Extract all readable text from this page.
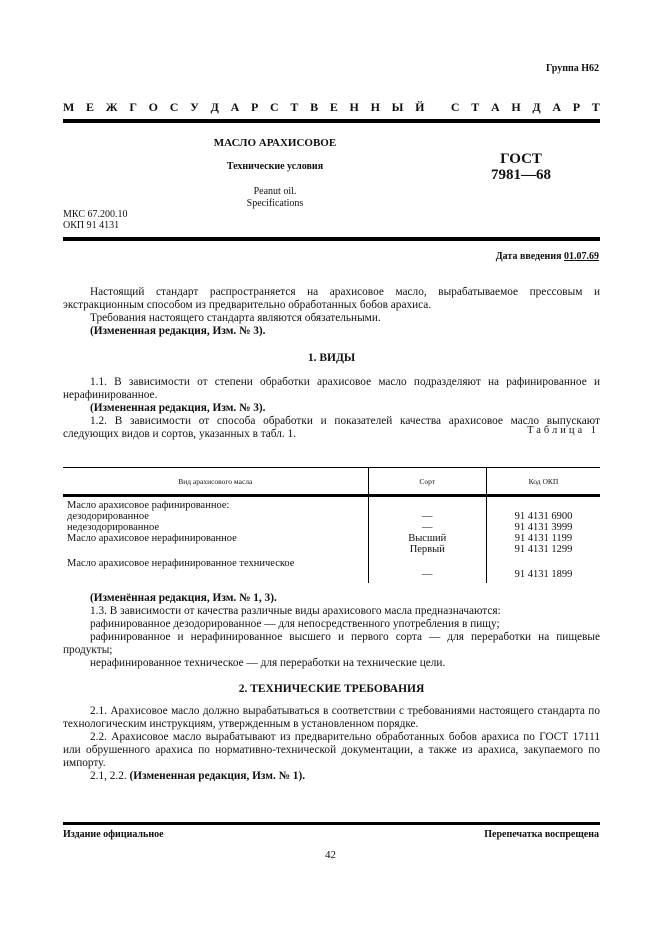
Группа Н62
М Е Ж Г О С У Д А Р С Т В Е Н Н Ы Й
С Т А Н Д А Р Т
МАСЛО АРАХИСОВОЕ
Технические условия
Peanut oil.
Specifications
ГОСТ
7981—68
МКС 67.200.10
ОКП 91 4131
Дата введения 01.07.69

Настоящий стандарт распространяется на арахисовое масло, вырабатываемое прессовым и экстракционным способом из предварительно обработанных бобов арахиса.

Требования настоящего стандарта являются обязательными.

(Измененная редакция, Изм. № 3).

1. ВИДЫ

1.1. В зависимости от степени обработки арахисовое масло подразделяют на рафинированное и нерафинированное.

(Измененная редакция, Изм. № 3).

1.2. В зависимости от способа обработки и показателей качества арахисовое масло выпускают следующих видов и сортов, указанных в табл. 1.	Таблица 1
Вид арахисового масла	Сорт	Код ОКП
Масло арахисовое рафинированное:		
дезодорированное	—	91 4131 6900
недезодорированное	—	91 4131 3999
Масло арахисовое нерафинированное	Высший	91 4131 1199
	Первый	91 4131 1299
Масло арахисовое нерафинированное техническое		
	—	91 4131 1899

(Изменённая редакция, Изм. № 1, 3).

1.3. В зависимости от качества различные виды арахисового масла предназначаются:

рафинированное дезодорированное — для непосредственного употребления в пищу;

рафинированное и нерафинированное высшего и первого сорта — для переработки на пищевые продукты;

нерафинированное техническое — для переработки на технические цели.

2. ТЕХНИЧЕСКИЕ ТРЕБОВАНИЯ

2.1. Арахисовое масло должно вырабатываться в соответствии с требованиями настоящего стандарта по технологическим инструкциям, утвержденным в установленном порядке.

2.2. Арахисовое масло вырабатывают из предварительно обработанных бобов арахиса по ГОСТ 17111 или обрушенного арахиса по нормативно-технической документации, а также из арахиса, закупаемого по импорту.

2.1, 2.2. (Измененная редакция, Изм. № 1).

Издание официальное	Перепечатка воспрещена
42
